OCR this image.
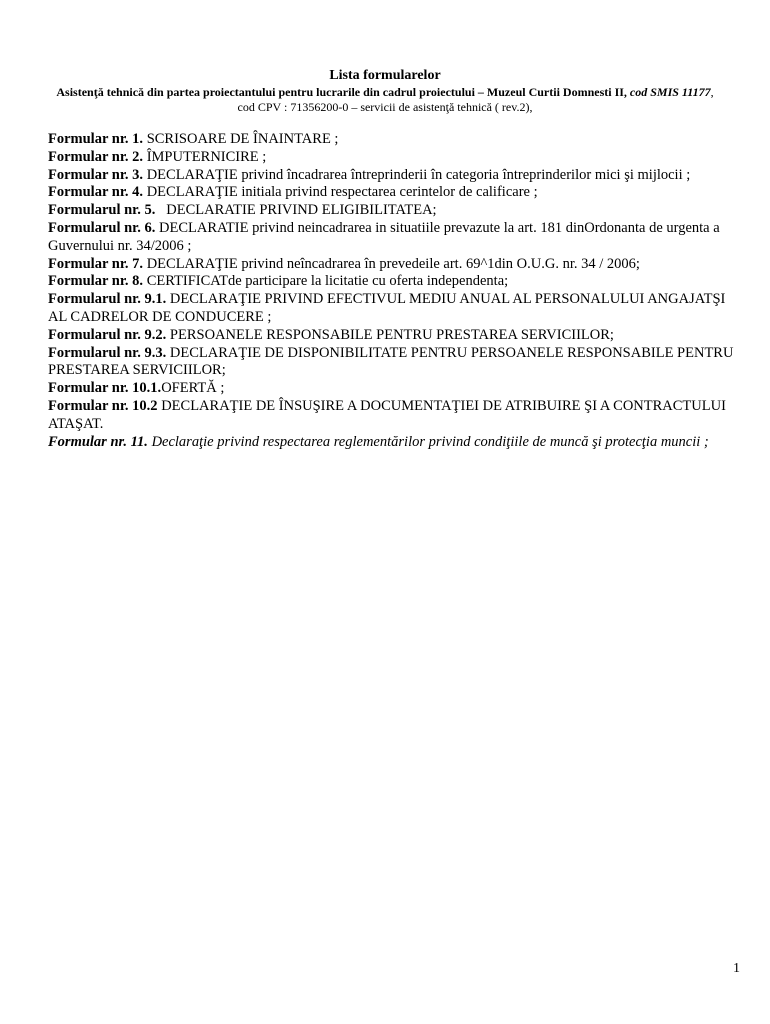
Lista formularelor
Asistenţă tehnică din partea proiectantului pentru lucrarile din cadrul proiectului – Muzeul Curtii Domnesti II, cod SMIS 11177,
cod CPV : 71356200-0 – servicii de asistenţă tehnică ( rev.2),

Formular nr. 1. SCRISOARE DE ÎNAINTARE ;

Formular nr. 2. ÎMPUTERNICIRE ;

Formular nr. 3. DECLARAŢIE privind încadrarea întreprinderii în categoria întreprinderilor mici şi mijlocii ;

Formular nr. 4. DECLARAŢIE initiala privind respectarea cerintelor de calificare ;

Formularul nr. 5.   DECLARATIE PRIVIND ELIGIBILITATEA;

Formularul nr. 6. DECLARATIE privind neincadrarea in situatiile prevazute la art. 181 dinOrdonanta de urgenta a Guvernului nr. 34/2006 ;

Formular nr. 7. DECLARAŢIE privind neîncadrarea în prevedeile art. 69^1din O.U.G. nr. 34 / 2006;

Formular nr. 8. CERTIFICATde participare la licitatie cu oferta independenta;

Formularul nr. 9.1. DECLARAŢIE PRIVIND EFECTIVUL MEDIU ANUAL AL PERSONALULUI ANGAJATŞI AL CADRELOR DE CONDUCERE ;

Formularul nr. 9.2. PERSOANELE RESPONSABILE PENTRU PRESTAREA SERVICIILOR;

Formularul nr. 9.3. DECLARAŢIE DE DISPONIBILITATE PENTRU PERSOANELE RESPONSABILE PENTRU PRESTAREA SERVICIILOR;

Formular nr. 10.1.OFERTĂ ;

Formular nr. 10.2 DECLARAŢIE DE ÎNSUŞIRE A DOCUMENTAŢIEI DE ATRIBUIRE ŞI A CONTRACTULUI ATAŞAT.

Formular nr. 11. Declaraţie privind respectarea reglementărilor privind condiţiile de muncă şi protecţia muncii ;

1
